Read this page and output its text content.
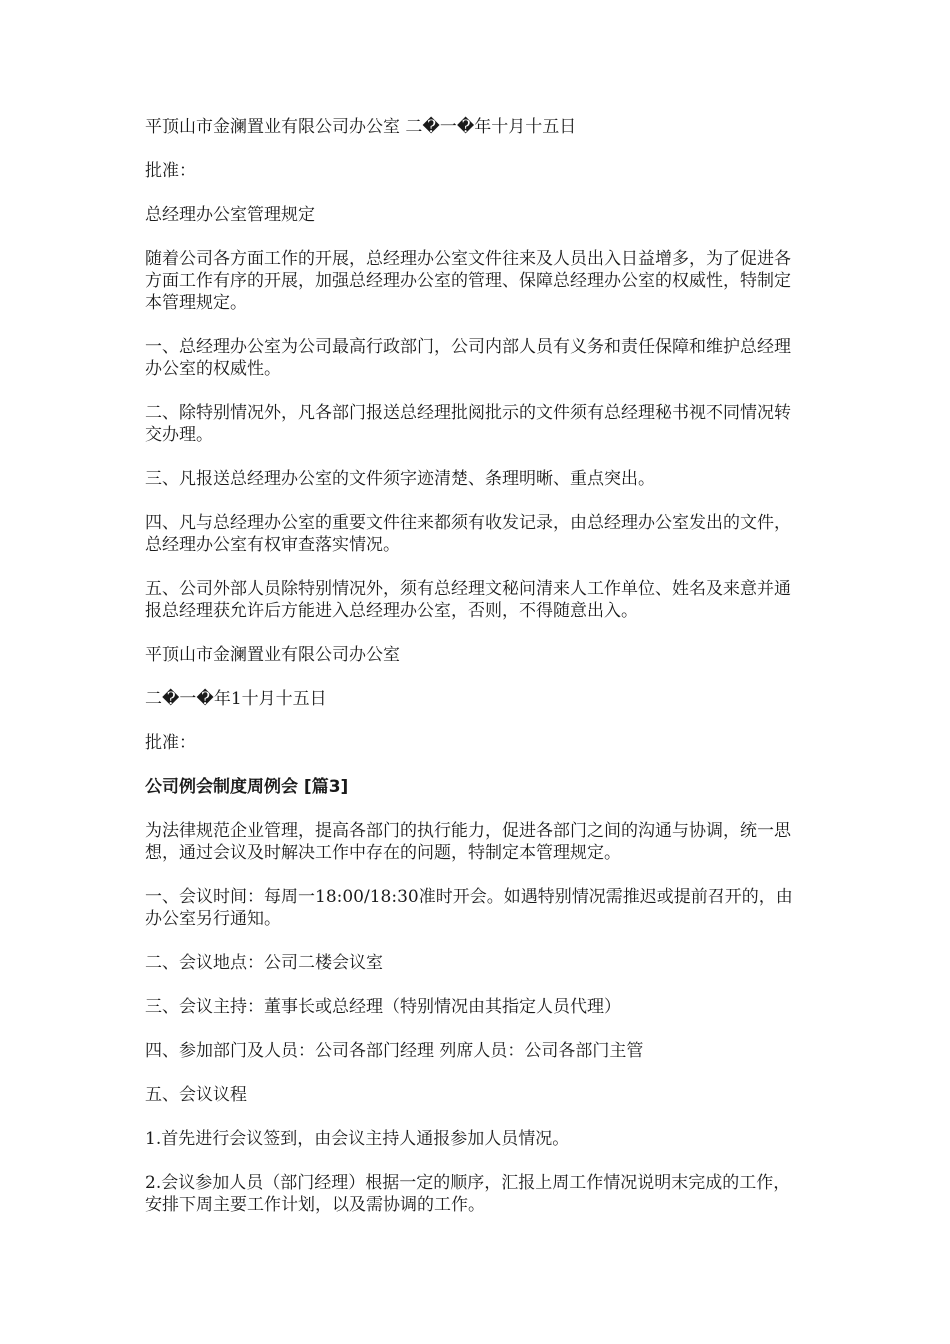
平顶山市金澜置业有限公司办公室 二�一�年十月十五日

批准：

总经理办公室管理规定

随着公司各方面工作的开展，总经理办公室文件往来及人员出入日益增多，为了促进各方面工作有序的开展，加强总经理办公室的管理、保障总经理办公室的权威性，特制定本管理规定。

一、总经理办公室为公司最高行政部门，公司内部人员有义务和责任保障和维护总经理办公室的权威性。

二、除特别情况外，凡各部门报送总经理批阅批示的文件须有总经理秘书视不同情况转交办理。

三、凡报送总经理办公室的文件须字迹清楚、条理明晰、重点突出。

四、凡与总经理办公室的重要文件往来都须有收发记录，由总经理办公室发出的文件，总经理办公室有权审查落实情况。

五、公司外部人员除特别情况外，须有总经理文秘问清来人工作单位、姓名及来意并通报总经理获允许后方能进入总经理办公室，否则，不得随意出入。

平顶山市金澜置业有限公司办公室

二�一�年1十月十五日

批准：

公司例会制度周例会 [篇3]

为法律规范企业管理，提高各部门的执行能力，促进各部门之间的沟通与协调，统一思想，通过会议及时解决工作中存在的问题，特制定本管理规定。

一、会议时间：每周一18:00/18:30准时开会。如遇特别情况需推迟或提前召开的，由办公室另行通知。

二、会议地点：公司二楼会议室

三、会议主持：董事长或总经理（特别情况由其指定人员代理）

四、参加部门及人员：公司各部门经理 列席人员：公司各部门主管

五、会议议程

1.首先进行会议签到，由会议主持人通报参加人员情况。

2.会议参加人员（部门经理）根据一定的顺序，汇报上周工作情况说明末完成的工作，安排下周主要工作计划，以及需协调的工作。
